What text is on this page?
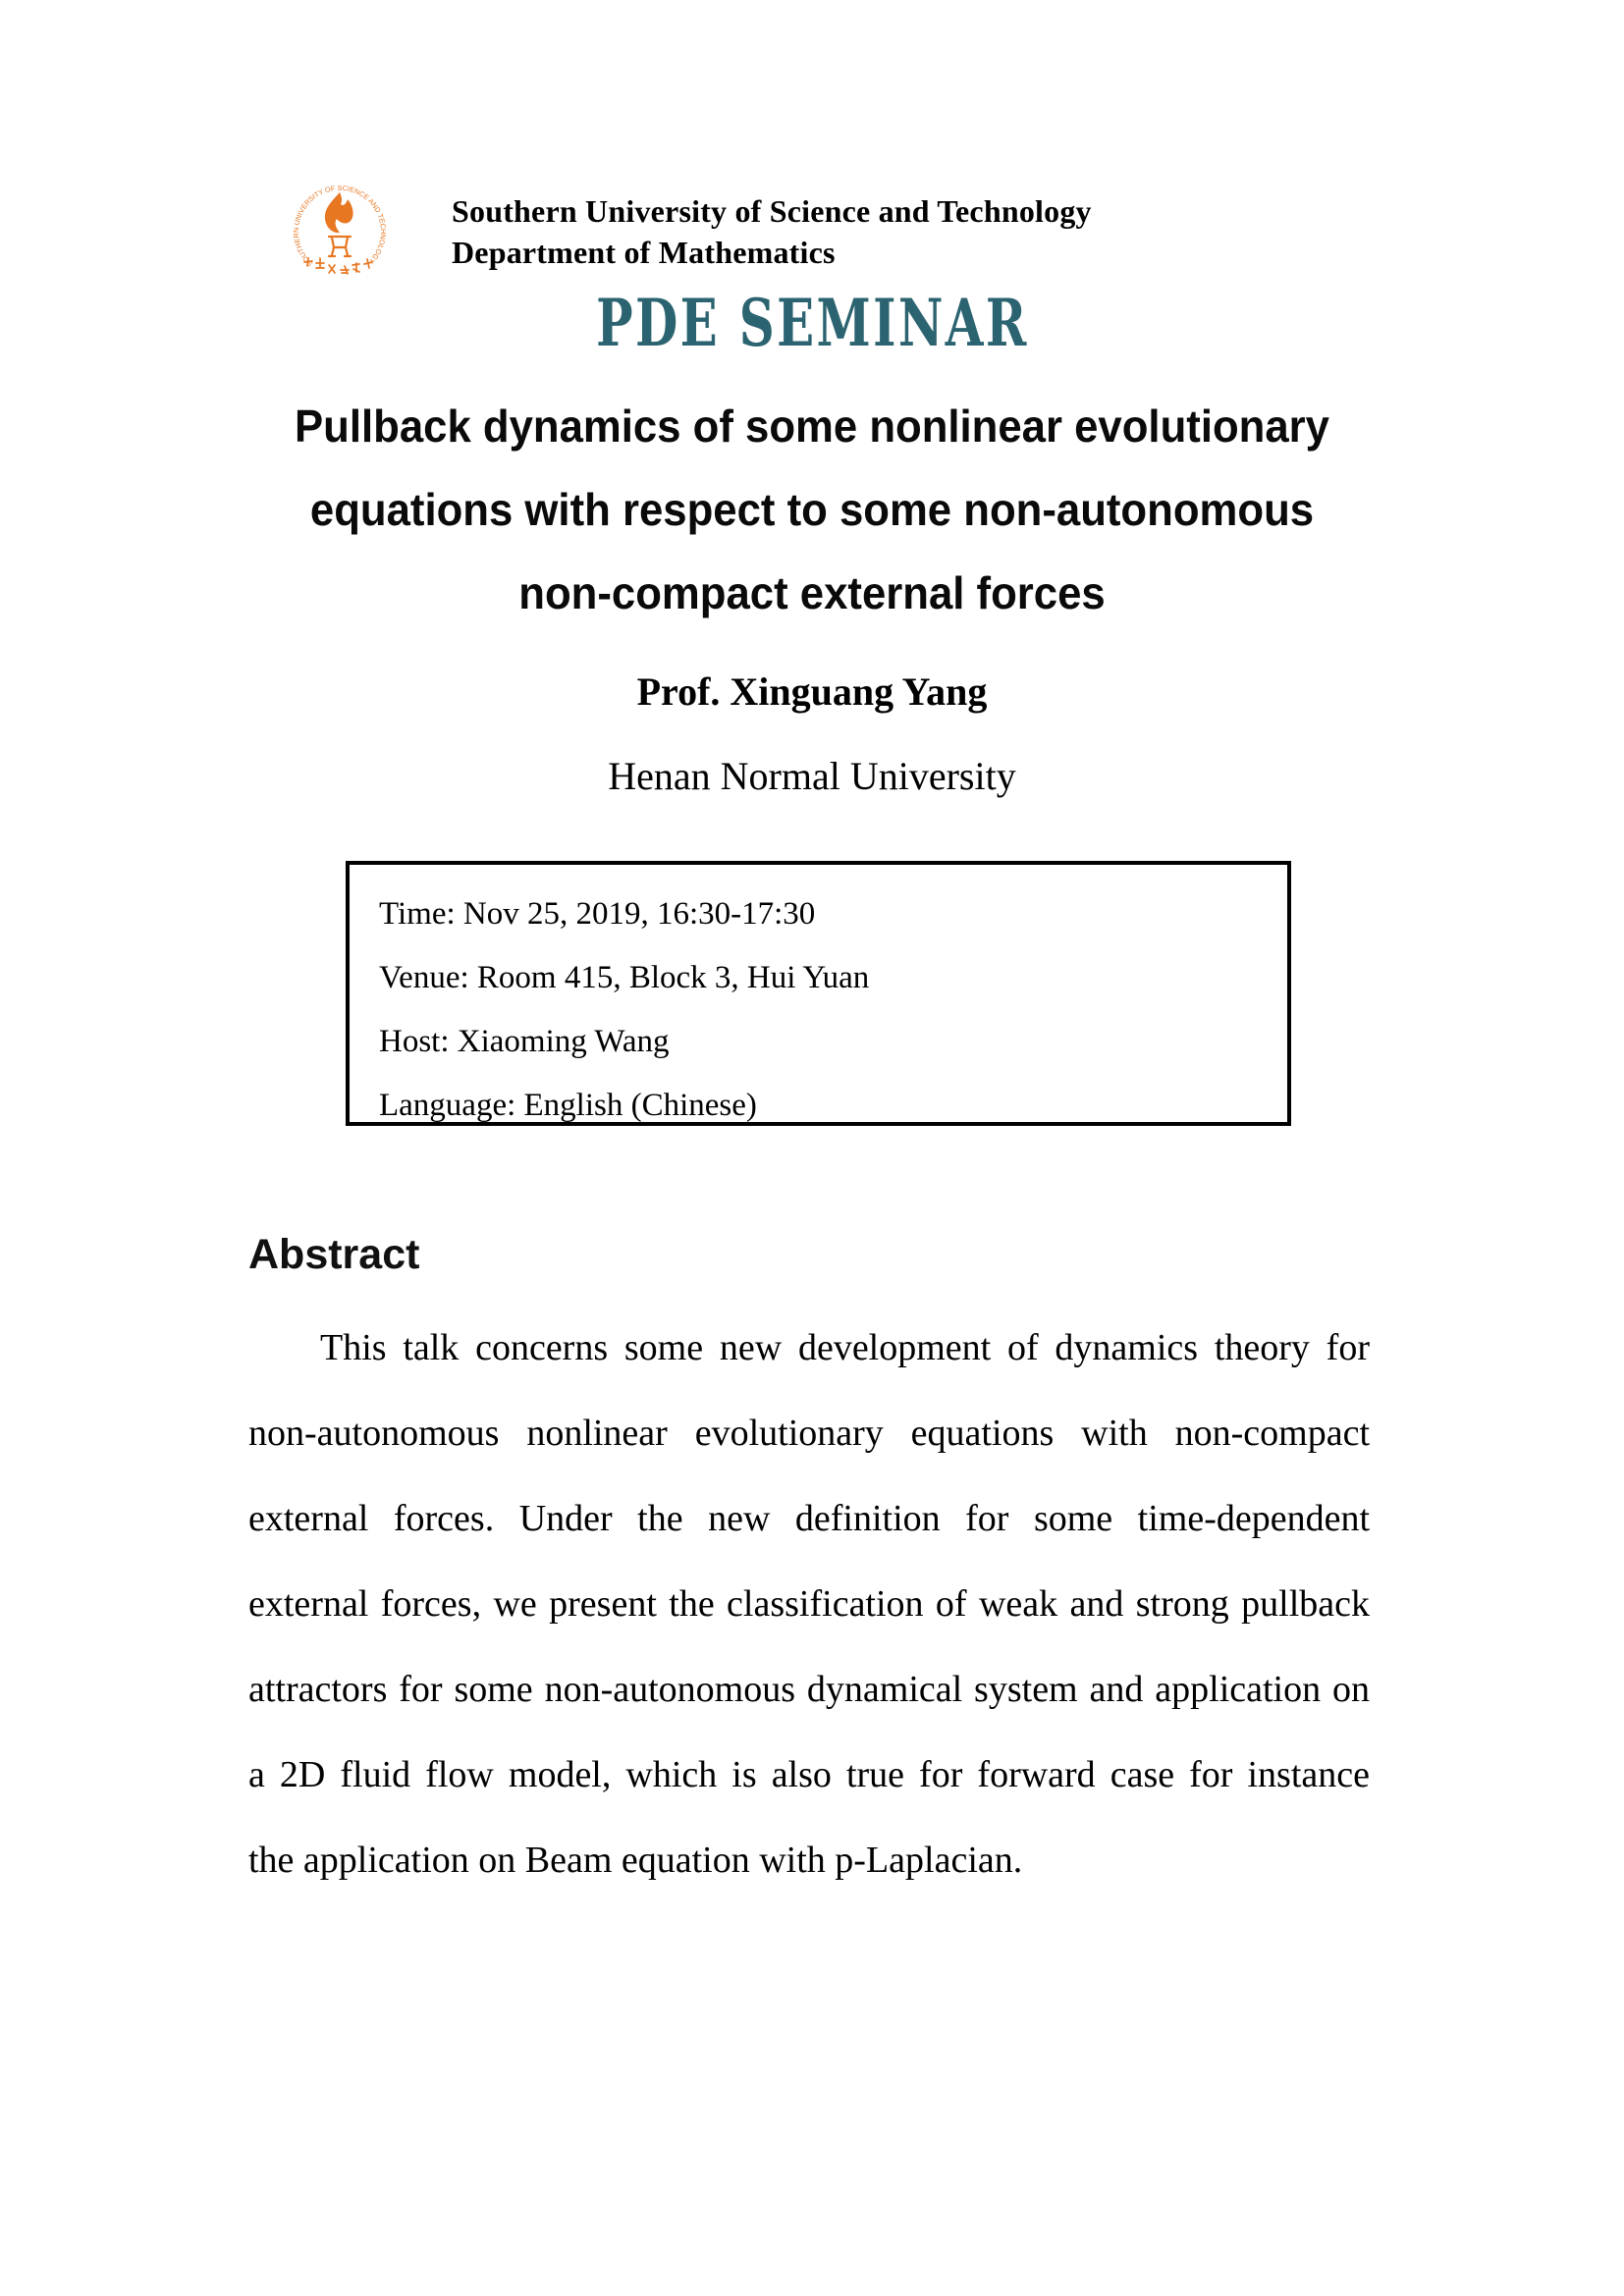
SOUTHERN UNIVERSITY OF SCIENCE AND TECHNOLOGY
Southern University of Science and Technology
Department of Mathematics
PDE SEMINAR
Pullback dynamics of some nonlinear evolutionary
equations with respect to some non-autonomous
non-compact external forces
Prof. Xinguang Yang
Henan Normal University
Time: Nov 25, 2019, 16:30-17:30
Venue: Room 415, Block 3, Hui Yuan
Host: Xiaoming Wang
Language: English (Chinese)
Abstract
This talk concerns some new development of dynamics theory for
non-autonomous nonlinear evolutionary equations with non-compact
external forces. Under the new definition for some time-dependent
external forces, we present the classification of weak and strong pullback
attractors for some non-autonomous dynamical system and application on
a 2D fluid flow model, which is also true for forward case for instance
the application on Beam equation with p-Laplacian.
